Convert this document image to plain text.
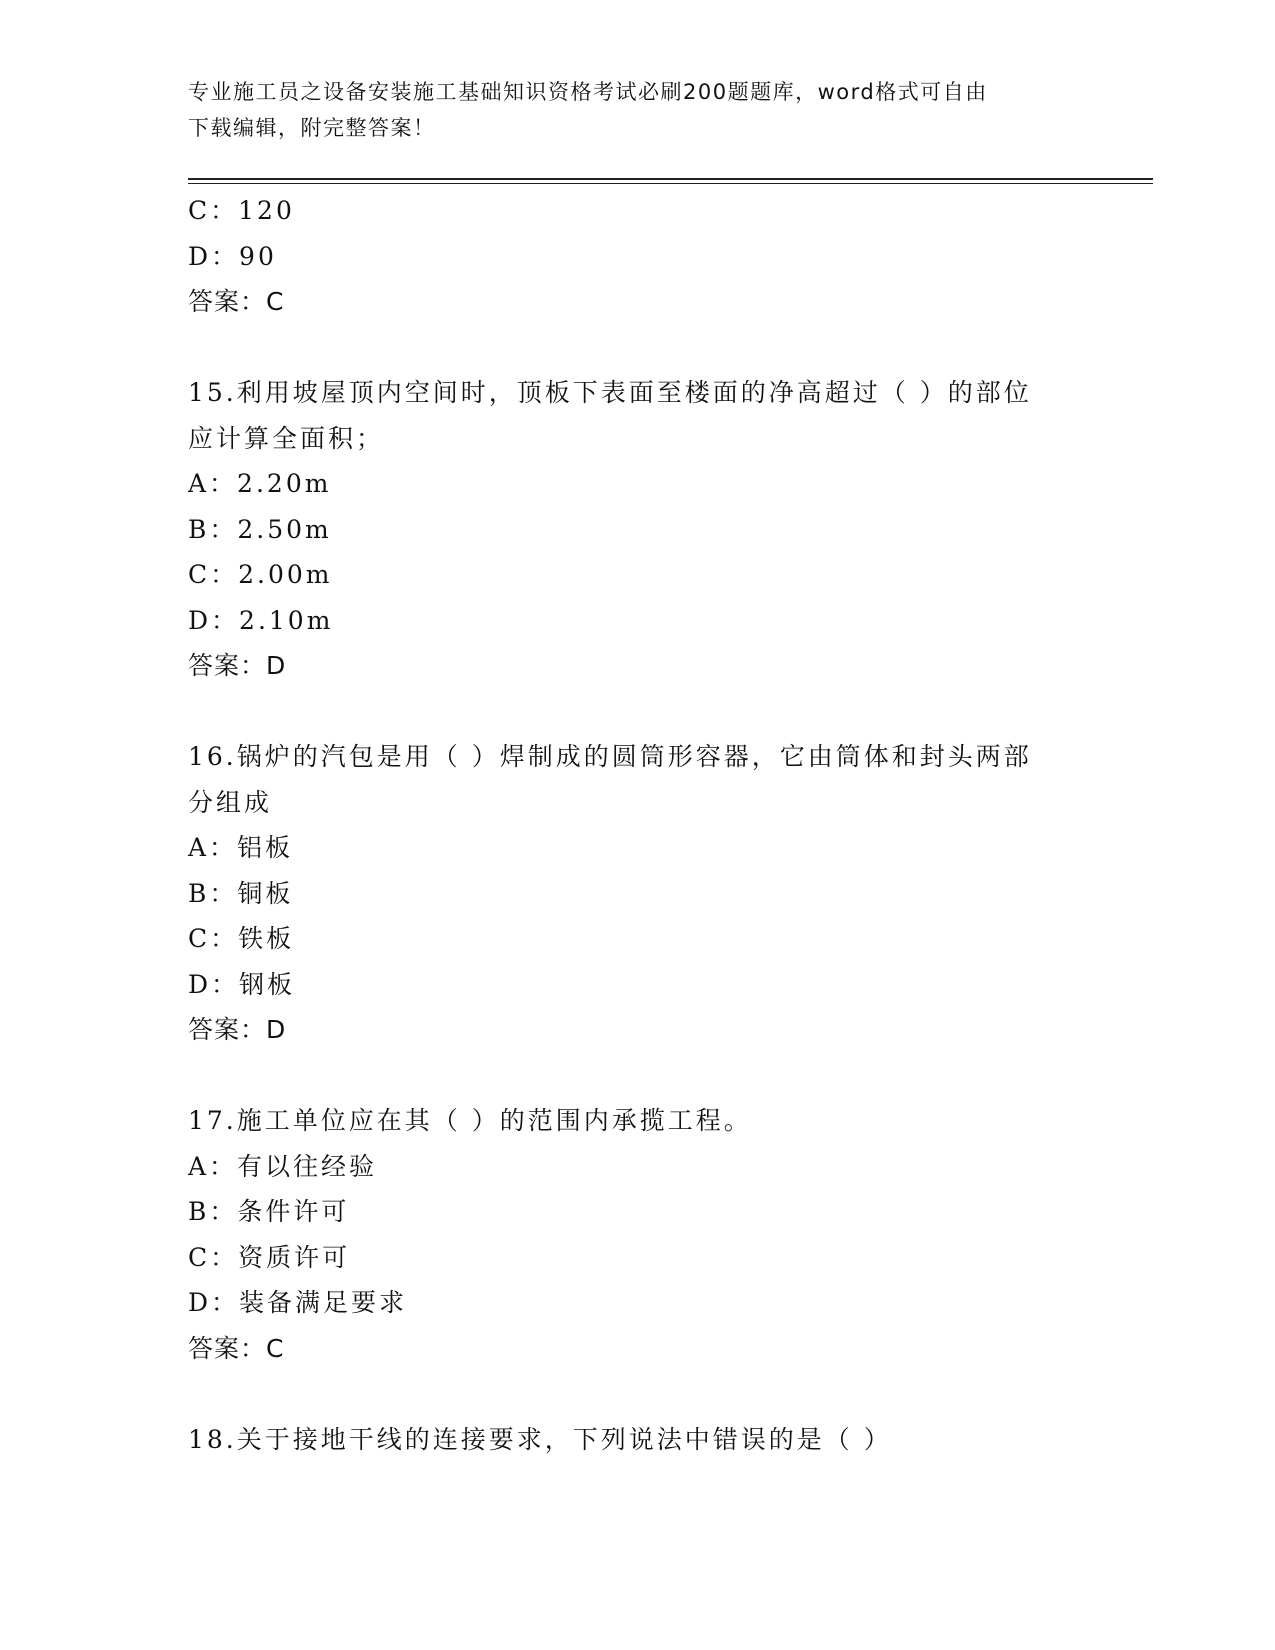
专业施工员之设备安装施工基础知识资格考试必刷200题题库，word格式可自由
下载编辑，附完整答案！
C：120
D：90
答案：C
15.利用坡屋顶内空间时，顶板下表面至楼面的净高超过（ ）的部位
应计算全面积；
A：2.20m
B：2.50m
C：2.00m
D：2.10m
答案：D
16.锅炉的汽包是用（ ）焊制成的圆筒形容器，它由筒体和封头两部
分组成
A：铝板
B：铜板
C：铁板
D：钢板
答案：D
17.施工单位应在其（ ）的范围内承揽工程。
A：有以往经验
B：条件许可
C：资质许可
D：装备满足要求
答案：C
18.关于接地干线的连接要求，下列说法中错误的是（ ）
